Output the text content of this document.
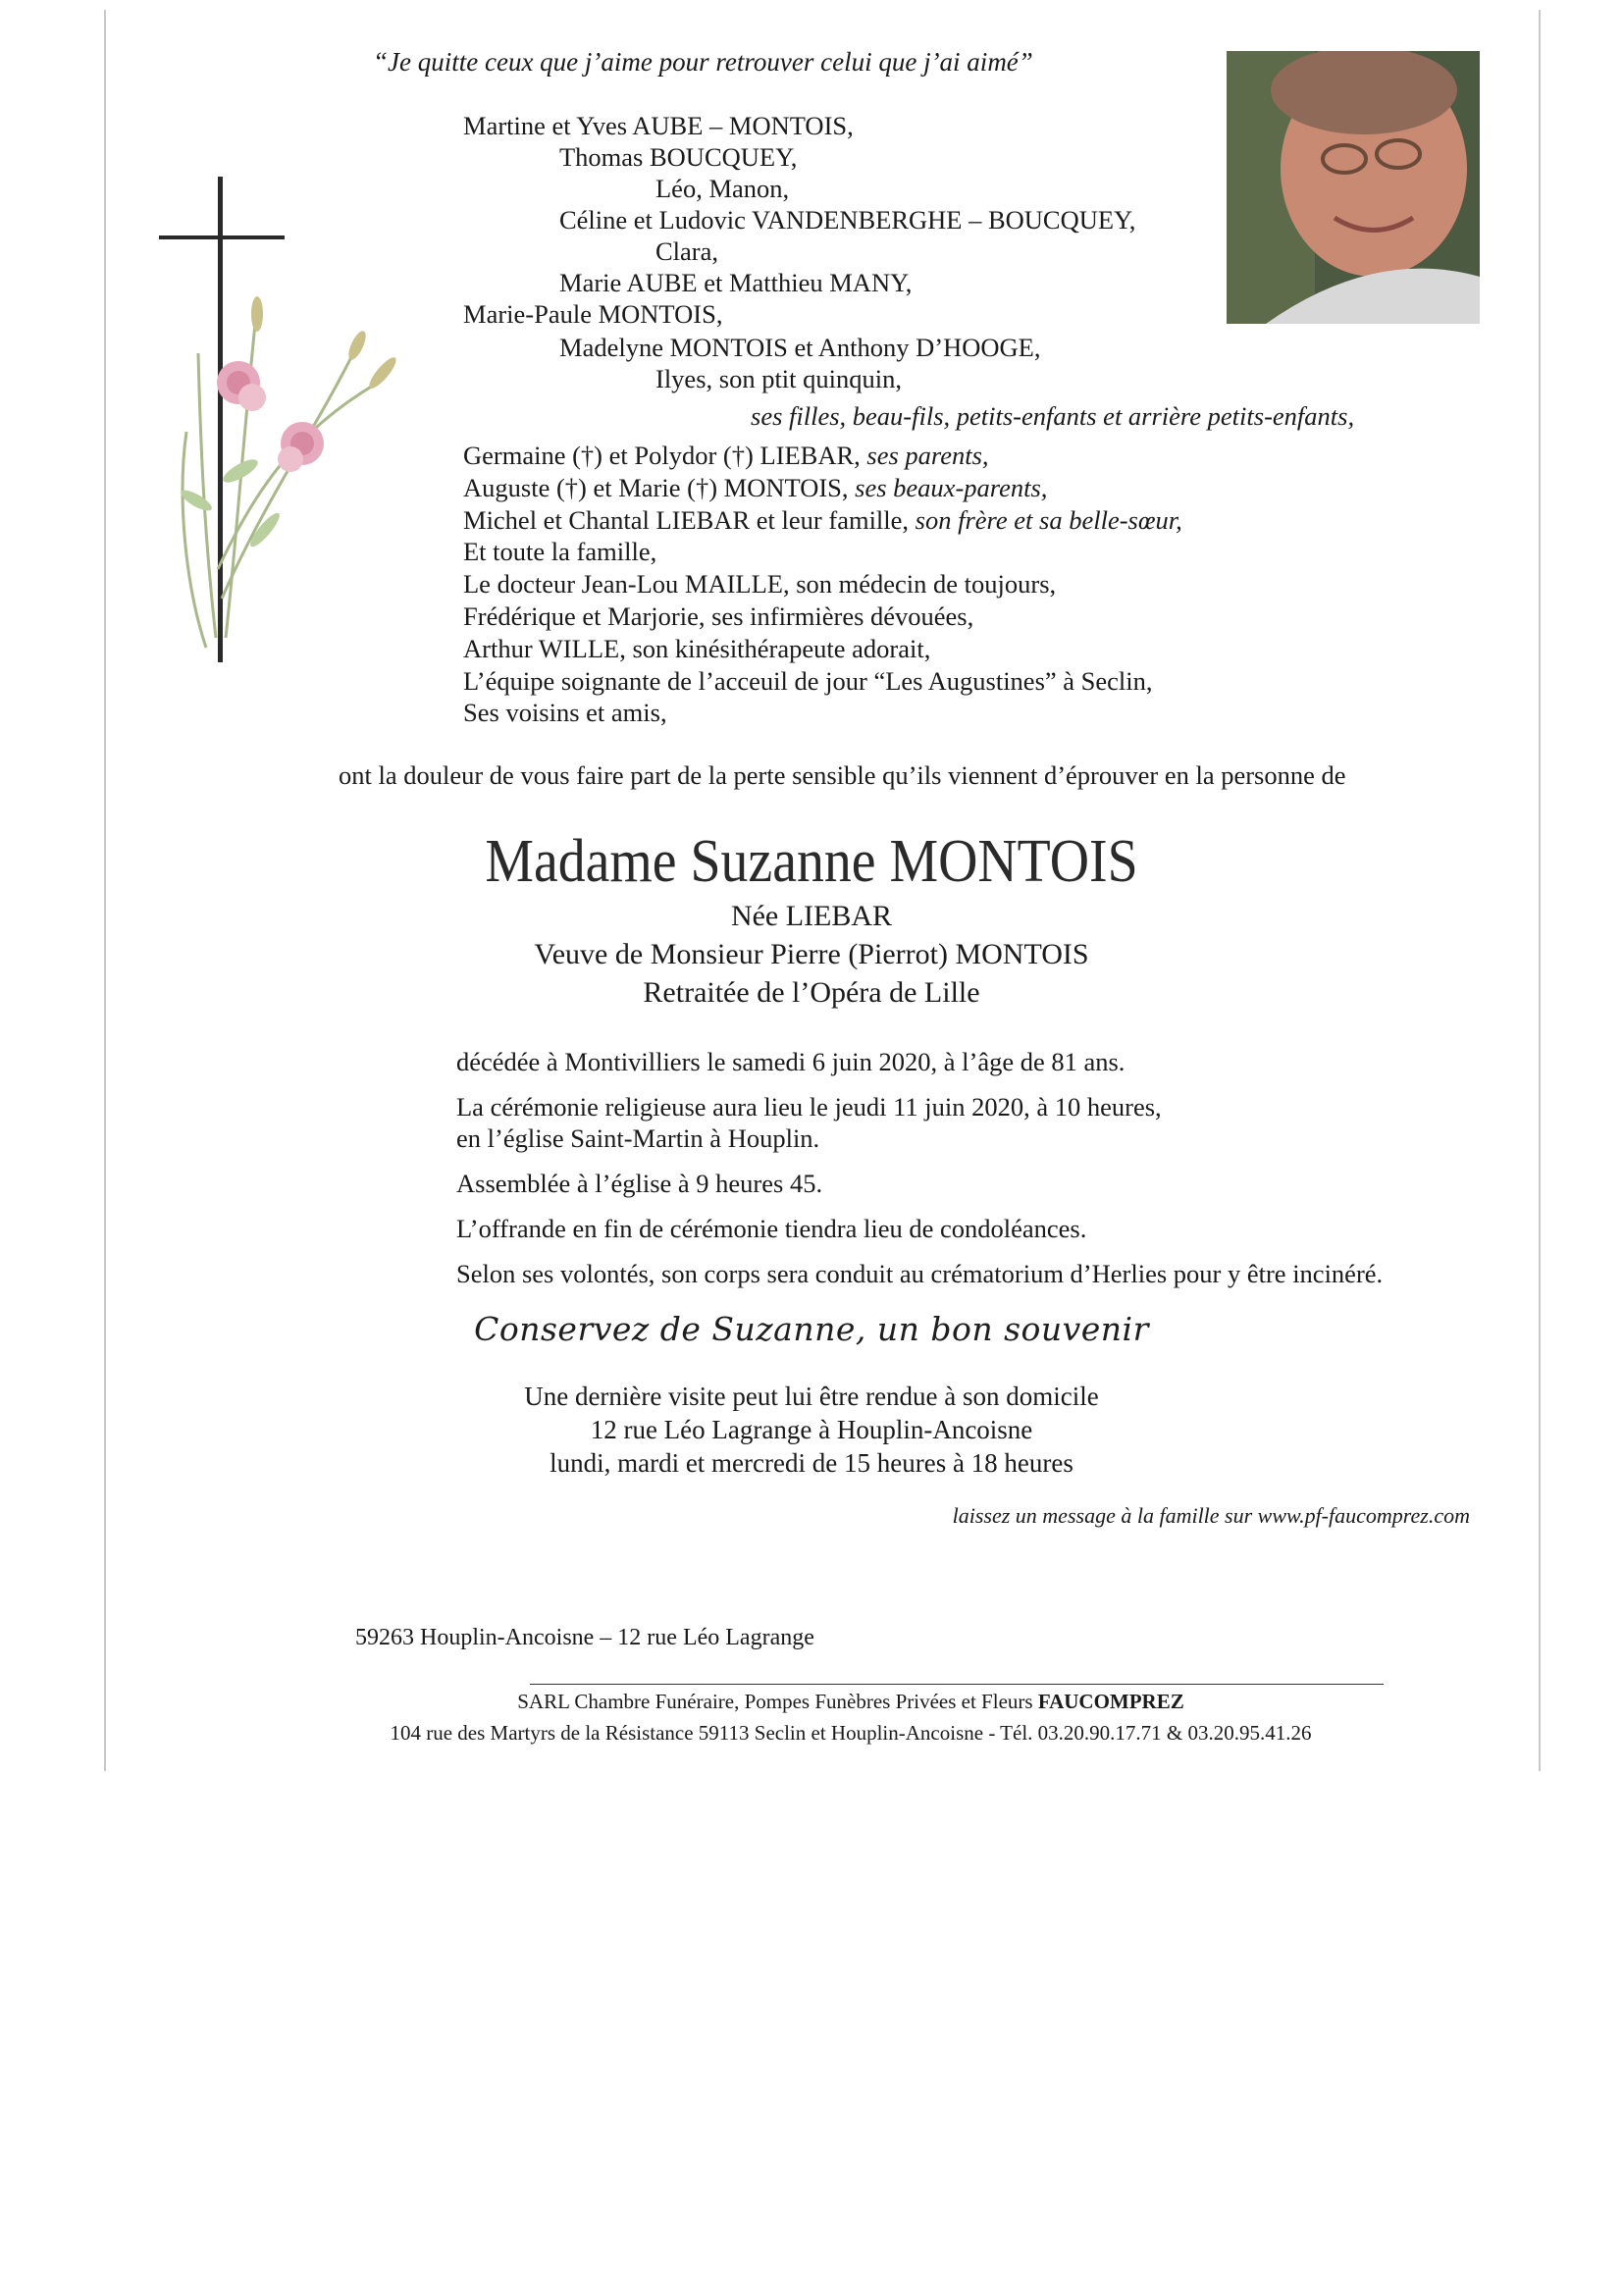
“Je quitte ceux que j’aime pour retrouver celui que j’ai aimé”
Martine et Yves AUBE – MONTOIS,
Thomas BOUCQUEY,
Léo, Manon,
Céline et Ludovic VANDENBERGHE – BOUCQUEY,
Clara,
Marie AUBE et Matthieu MANY,
Marie-Paule MONTOIS,
Madelyne MONTOIS et Anthony D’HOOGE,
Ilyes, son ptit quinquin,
ses filles, beau-fils, petits-enfants et arrière petits-enfants,
Germaine (†) et Polydor (†) LIEBAR, ses parents,
Auguste (†) et Marie (†) MONTOIS, ses beaux-parents,
Michel et Chantal LIEBAR et leur famille, son frère et sa belle-sœur,
Et toute la famille,
Le docteur Jean-Lou MAILLE, son médecin de toujours,
Frédérique et Marjorie, ses infirmières dévouées,
Arthur WILLE, son kinésithérapeute adorait,
L’équipe soignante de l’acceuil de jour “Les Augustines” à Seclin,
Ses voisins et amis,
ont la douleur de vous faire part de la perte sensible qu’ils viennent d’éprouver en la personne de
Madame Suzanne MONTOIS
Née LIEBAR
Veuve de Monsieur Pierre (Pierrot) MONTOIS
Retraitée de l’Opéra de Lille
décédée à Montivilliers le samedi 6 juin 2020, à l’âge de 81 ans.
La cérémonie religieuse aura lieu le jeudi 11 juin 2020, à 10 heures,
en l’église Saint-Martin à Houplin.
Assemblée à l’église à 9 heures 45.
L’offrande en fin de cérémonie tiendra lieu de condoléances.
Selon ses volontés, son corps sera conduit au crématorium d’Herlies pour y être incinéré.
Conservez de Suzanne, un bon souvenir
Une dernière visite peut lui être rendue à son domicile
12 rue Léo Lagrange à Houplin-Ancoisne
lundi, mardi et mercredi de 15 heures à 18 heures
laissez un message à la famille sur www.pf-faucomprez.com
59263 Houplin-Ancoisne – 12 rue Léo Lagrange
SARL Chambre Funéraire, Pompes Funèbres Privées et Fleurs FAUCOMPREZ
104 rue des Martyrs de la Résistance 59113 Seclin et Houplin-Ancoisne - Tél. 03.20.90.17.71 & 03.20.95.41.26
